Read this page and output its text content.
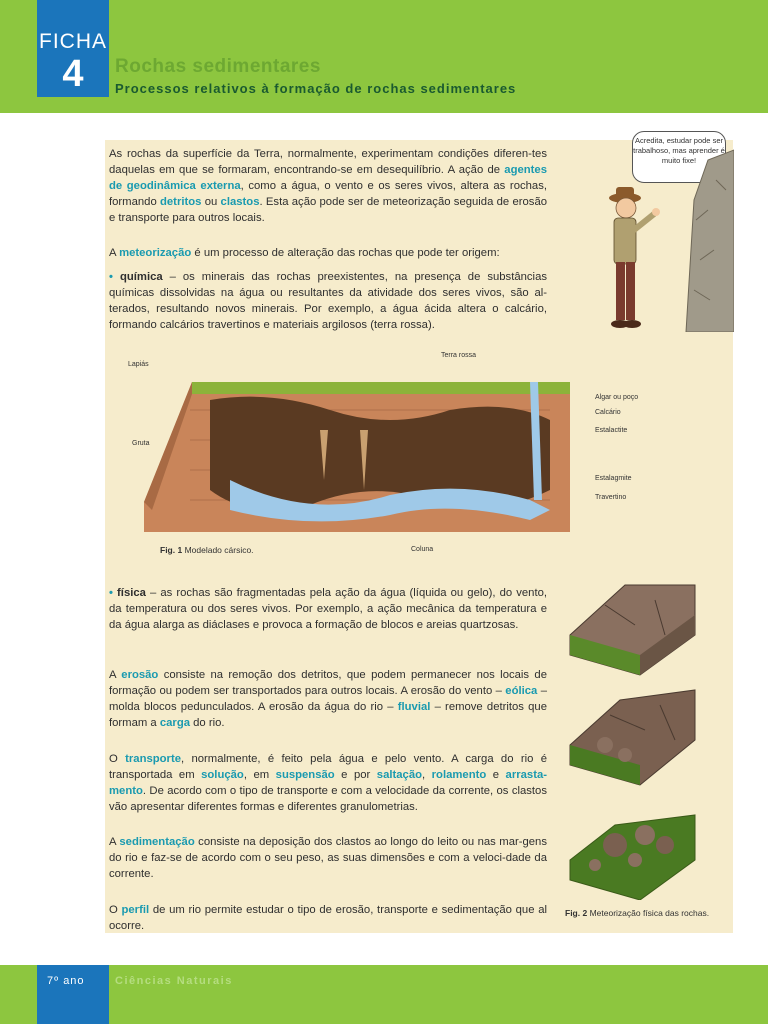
FICHA
4	Rochas sedimentares
Processos relativos à formação de rochas sedimentares

As rochas da superfície da Terra, normalmente, experimentam condições diferen-tes daquelas em que se formaram, encontrando-se em desequilíbrio. A ação de agentes de geodinâmica externa, como a água, o vento e os seres vivos, altera as rochas, formando detritos ou clastos. Esta ação pode ser de meteorização seguida de erosão e transporte para outros locais.

A meteorização é um processo de alteração das rochas que pode ter origem:

• química – os minerais das rochas preexistentes, na presença de substâncias químicas dissolvidas na água ou resultantes da atividade dos seres vivos, são al-terados, resultando novos minerais. Por exemplo, a água ácida altera o calcário, formando calcários travertinos e materiais argilosos (terra rossa).

Acredita, estudar pode ser trabalhoso, mas aprender é muito fixe!
Lapiás
Terra rossa
Algar ou poço
Calcário
Estalactite
Gruta
Estalagmite
Travertino
Coluna
Fig. 1 Modelado cársico.

• física – as rochas são fragmentadas pela ação da água (líquida ou gelo), do vento, da temperatura ou dos seres vivos. Por exemplo, a ação mecânica da temperatura e da água alarga as diáclases e provoca a formação de blocos e areias quartzosas.

A erosão consiste na remoção dos detritos, que podem permanecer nos locais de formação ou podem ser transportados para outros locais. A erosão do vento – eólica – molda blocos pedunculados. A erosão da água do rio – fluvial – remove detritos que formam a carga do rio.

O transporte, normalmente, é feito pela água e pelo vento. A carga do rio é transportada em solução, em suspensão e por saltação, rolamento e arrasta-mento. De acordo com o tipo de transporte e com a velocidade da corrente, os clastos vão apresentar diferentes formas e diferentes granulometrias.

A sedimentação consiste na deposição dos clastos ao longo do leito ou nas mar-gens do rio e faz-se de acordo com o seu peso, as suas dimensões e com a veloci-dade da corrente.

O perfil de um rio permite estudar o tipo de erosão, transporte e sedimentação que al ocorre.

Fig. 2 Meteorização física das rochas.
7º ano	Ciências Naturais
